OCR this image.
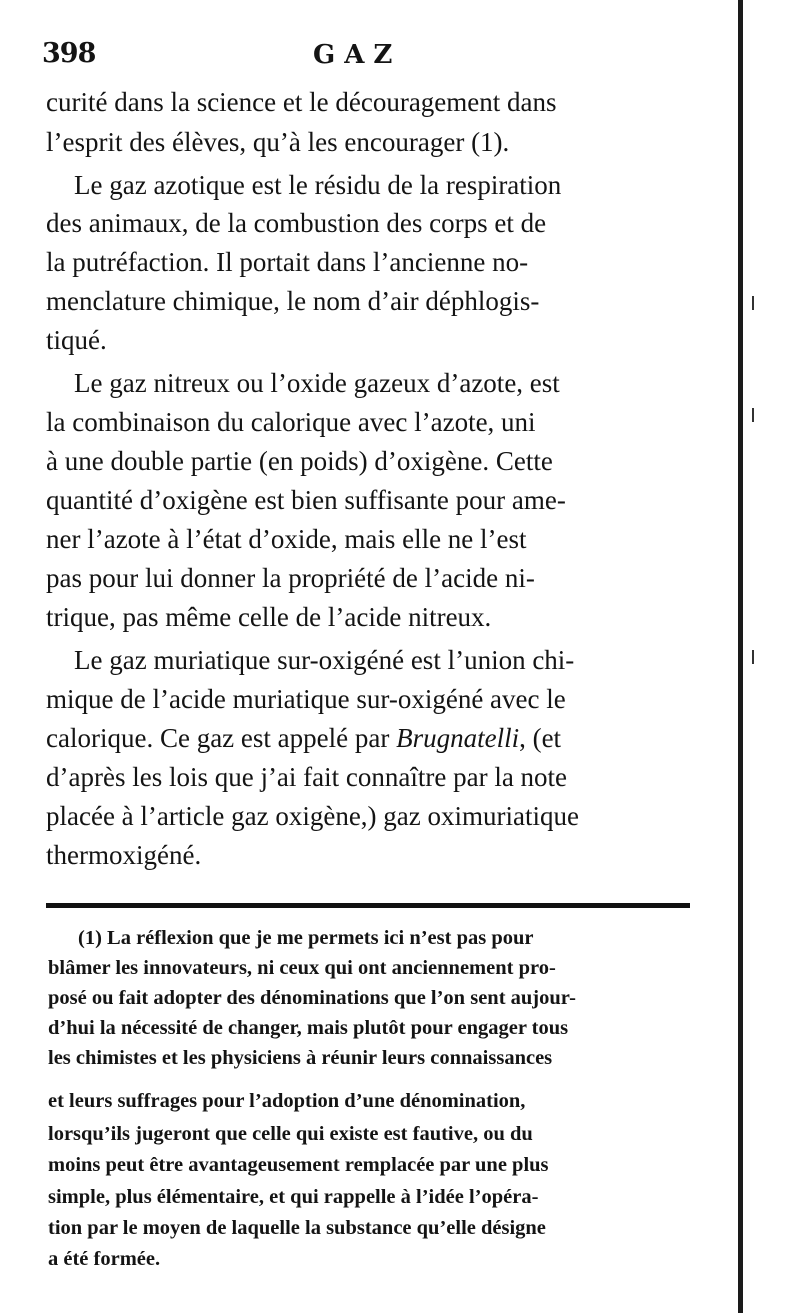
398	GAZ
curité dans la science et le découragement dans
l’esprit des élèves, qu’à les encourager (1).
Le gaz azotique est le résidu de la respiration
des animaux, de la combustion des corps et de
la putréfaction. Il portait dans l’ancienne no-
menclature chimique, le nom d’air déphlogis-
tiqué.
Le gaz nitreux ou l’oxide gazeux d’azote, est
la combinaison du calorique avec l’azote, uni
à une double partie (en poids) d’oxigène. Cette
quantité d’oxigène est bien suffisante pour ame-
ner l’azote à l’état d’oxide, mais elle ne l’est
pas pour lui donner la propriété de l’acide ni-
trique, pas même celle de l’acide nitreux.
Le gaz muriatique sur-oxigéné est l’union chi-
mique de l’acide muriatique sur-oxigéné avec le
calorique. Ce gaz est appelé par Brugnatelli, (et
d’après les lois que j’ai fait connaître par la note
placée à l’article gaz oxigène,) gaz oximuriatique
thermoxigéné.
(1) La réflexion que je me permets ici n’est pas pour
blâmer les innovateurs, ni ceux qui ont anciennement pro-
posé ou fait adopter des dénominations que l’on sent aujour-
d’hui la nécessité de changer, mais plutôt pour engager tous
les chimistes et les physiciens à réunir leurs connaissances
et leurs suffrages pour l’adoption d’une dénomination,
lorsqu’ils jugeront que celle qui existe est fautive, ou du
moins peut être avantageusement remplacée par une plus
simple, plus élémentaire, et qui rappelle à l’idée l’opéra-
tion par le moyen de laquelle la substance qu’elle désigne
a été formée.
